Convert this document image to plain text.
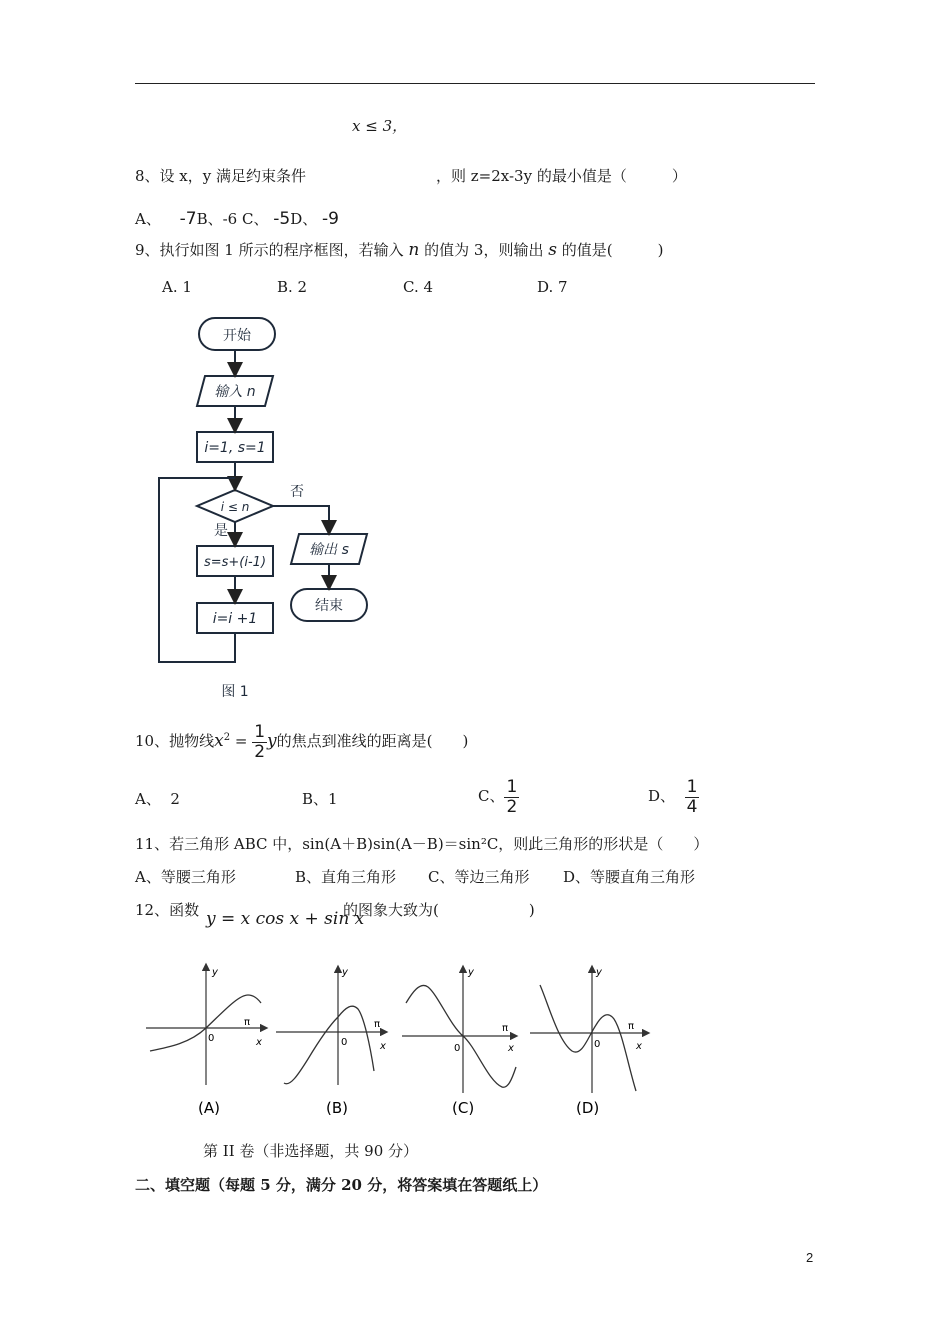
x ≤ 3，
8、设 x，y 满足约束条件	，则 z=2x-3y 的最小值是（　　　）
A、 -7B、-6 C、 -5D、 -9
9、执行如图 1 所示的程序框图，若输入 n 的值为 3，则输出 s 的值是(　　　)
A. 1	B. 2	C. 4	D. 7
开始
输入 n
i=1, s=1
i ≤ n
是
否
s=s+(i-1)
i=i +1
输出 s
结束
图 1
10、抛物线$x^2 = \frac{1}{2}$ y的焦点到准线的距离是(　　)
A、 2	B、1	C、 $\frac{1}{2}$	D、 $\frac{1}{4}$
11、若三角形 ABC 中，sin(A＋B)sin(A－B)＝sin²C，则此三角形的形状是（　　）
A、等腰三角形	B、直角三角形 C、等边三角形 D、等腰直角三角形
12、函数 y = x cos x + sin x
的图象大致为(　　　　　　)
y
x
0
π
(A)
y
x
0
π
(B)
y
x
0
π
(C)
y
x
0
π
(D)
第 II 卷（非选择题，共 90 分）
二、填空题（每题 5 分，满分 20 分，将答案填在答题纸上）
2
